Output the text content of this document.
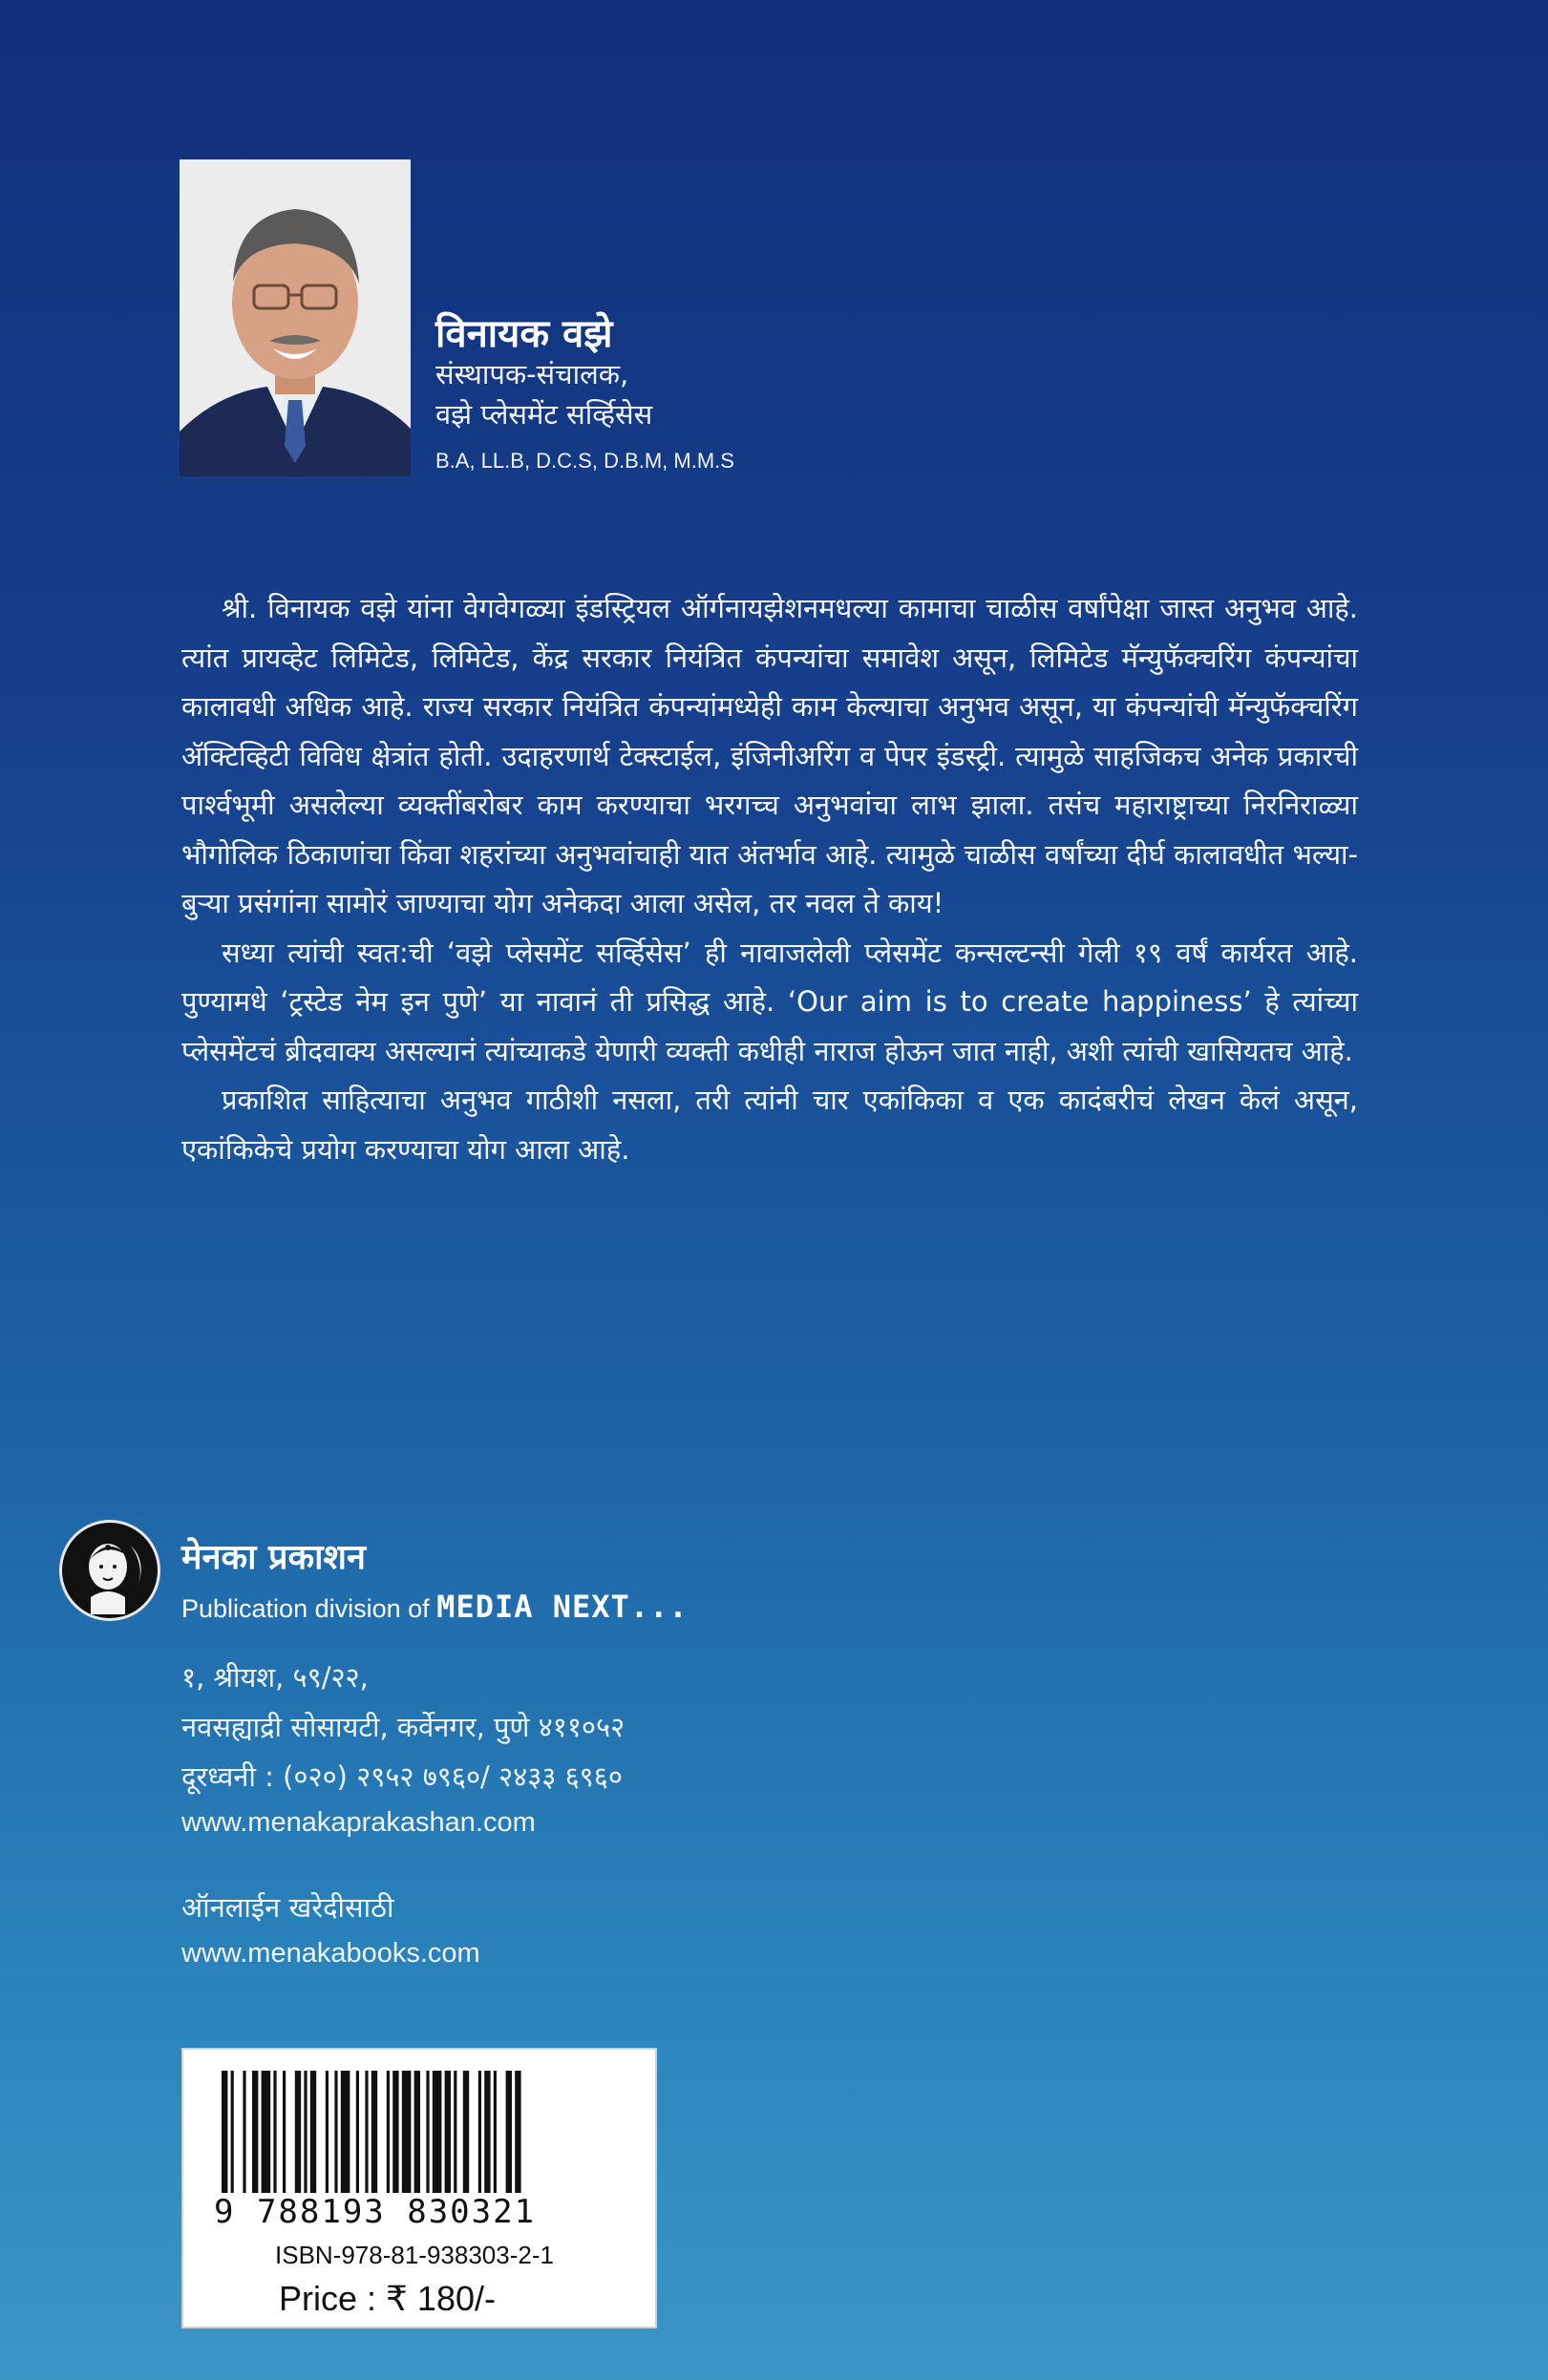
विनायक वझे
संस्थापक-संचालक,
वझे प्लेसमेंट सर्व्हिसेस
B.A, LL.B, D.C.S, D.B.M, M.M.S

श्री. विनायक वझे यांना वेगवेगळ्या इंडस्ट्रियल ऑर्गनायझेशनमधल्या कामाचा चाळीस वर्षांपेक्षा जास्त अनुभव आहे. त्यांत प्रायव्हेट लिमिटेड, लिमिटेड, केंद्र सरकार नियंत्रित कंपन्यांचा समावेश असून, लिमिटेड मॅन्युफॅक्चरिंग कंपन्यांचा कालावधी अधिक आहे. राज्य सरकार नियंत्रित कंपन्यांमध्येही काम केल्याचा अनुभव असून, या कंपन्यांची मॅन्युफॅक्चरिंग ॲक्टिव्हिटी विविध क्षेत्रांत होती. उदाहरणार्थ टेक्स्टाईल, इंजिनीअरिंग व पेपर इंडस्ट्री. त्यामुळे साहजिकच अनेक प्रकारची पार्श्वभूमी असलेल्या व्यक्तींबरोबर काम करण्याचा भरगच्च अनुभवांचा लाभ झाला. तसंच महाराष्ट्राच्या निरनिराळ्या भौगोलिक ठिकाणांचा किंवा शहरांच्या अनुभवांचाही यात अंतर्भाव आहे. त्यामुळे चाळीस वर्षांच्या दीर्घ कालावधीत भल्या-बुऱ्या प्रसंगांना सामोरं जाण्याचा योग अनेकदा आला असेल, तर नवल ते काय!

सध्या त्यांची स्वत:ची ‘वझे प्लेसमेंट सर्व्हिसेस’ ही नावाजलेली प्लेसमेंट कन्सल्टन्सी गेली १९ वर्षं कार्यरत आहे. पुण्यामधे ‘ट्रस्टेड नेम इन पुणे’ या नावानं ती प्रसिद्ध आहे. ‘Our aim is to create happiness’ हे त्यांच्या प्लेसमेंटचं ब्रीदवाक्य असल्यानं त्यांच्याकडे येणारी व्यक्ती कधीही नाराज होऊन जात नाही, अशी त्यांची खासियतच आहे.

प्रकाशित साहित्याचा अनुभव गाठीशी नसला, तरी त्यांनी चार एकांकिका व एक कादंबरीचं लेखन केलं असून, एकांकिकेचे प्रयोग करण्याचा योग आला आहे.

मेनका प्रकाशन
Publication division of MEDIA NEXT...
१, श्रीयश, ५९/२२,
नवसह्याद्री सोसायटी, कर्वेनगर, पुणे ४११०५२
दूरध्वनी : (०२०) २९५२ ७९६०/ २४३३ ६९६०
www.menakaprakashan.com
ऑनलाईन खरेदीसाठी
www.menakabooks.com
9 788193 830321
ISBN-978-81-938303-2-1
Price : ₹ 180/-
